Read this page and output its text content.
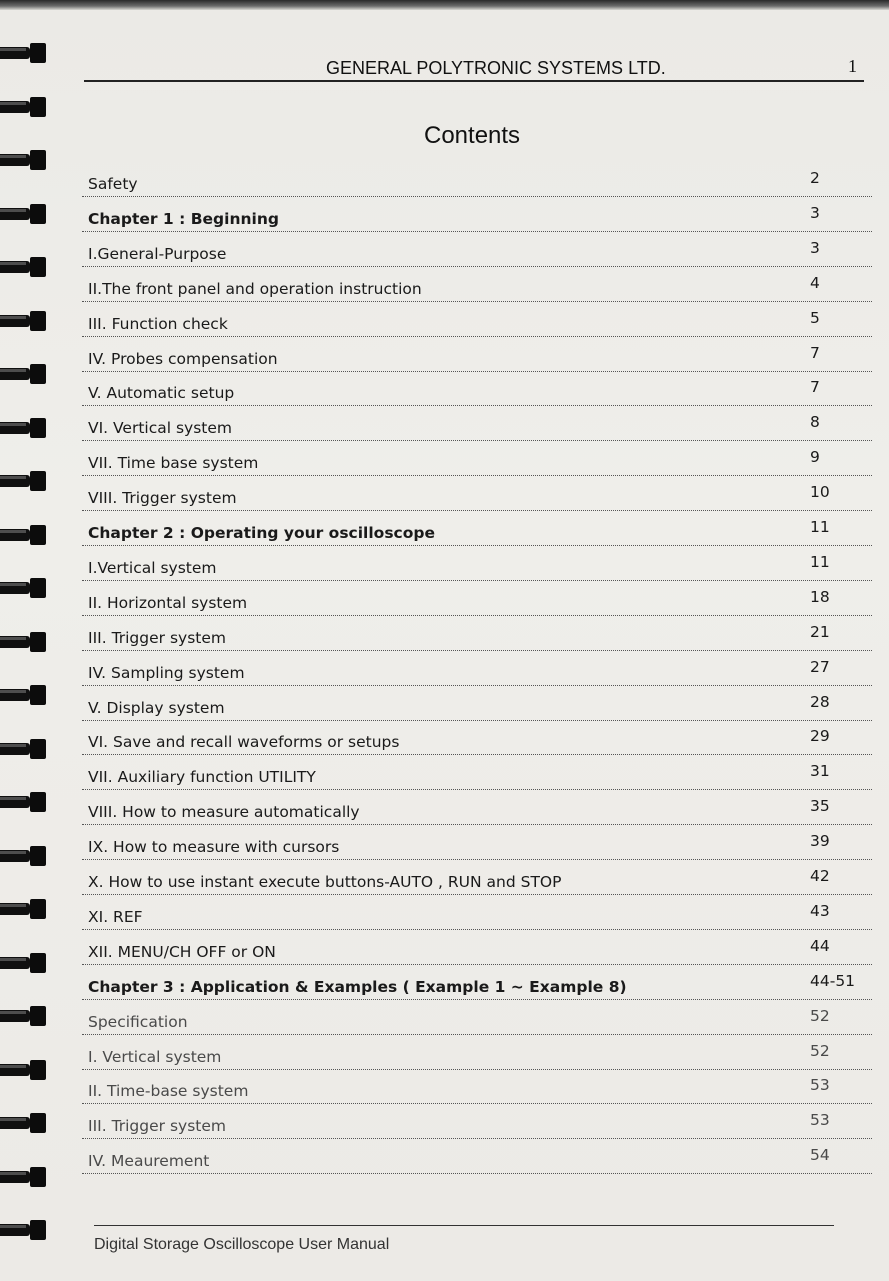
GENERAL POLYTRONIC SYSTEMS LTD.	1
Contents
Safety	2
Chapter 1 : Beginning	3
I.General-Purpose	3
II.The front panel and operation instruction	4
III. Function check	5
IV. Probes compensation	7
V. Automatic setup	7
VI. Vertical system	8
VII. Time base system	9
VIII. Trigger system	10
Chapter 2 : Operating your oscilloscope	11
I.Vertical system	11
II. Horizontal system	18
III. Trigger system	21
IV. Sampling system	27
V. Display system	28
VI. Save and recall waveforms or setups	29
VII. Auxiliary function UTILITY	31
VIII. How to measure automatically	35
IX. How to measure with cursors	39
X. How to use instant execute buttons-AUTO , RUN and STOP	42
XI. REF	43
XII. MENU/CH OFF or ON	44
Chapter 3 : Application & Examples ( Example 1 ~ Example 8)	44-51
Specification	52
I. Vertical system	52
II. Time-base system	53
III. Trigger system	53
IV. Meaurement	54
Digital Storage Oscilloscope User Manual
